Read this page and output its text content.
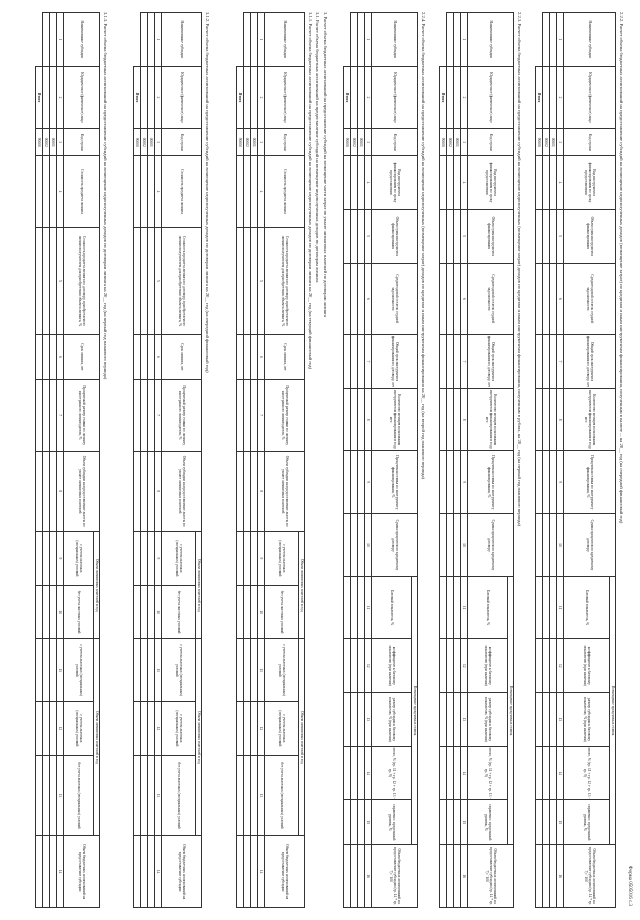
Форма 0505016 с.3
2.2.2. Расчет объема бюджетных ассигнований на предоставление субсидий на возмещение недополученных доходов (возмещение затрат) по кредитам и иным инструментам финансирования, полученным в валюте ... на 20__ год (на очередной финансовый год)
Наименование субсидии	Юридическое (физическое) лицо	Код строки	Вид инструмента финансирования по сроку предоставления	Объем сумм инструмента финансирования	Среднегодовой остаток ссудной задолженности	Общий срок инструмента финансирования по договору, лет	Количество месяцев пользования инструментом финансирования в году, мес	Процентная ставка по инструменту финансирования, %	Сумма процентов по кредитному договору	Возмещение процентных ставок					Объем бюджетных ассигнований на предоставление субсидии (гр. 14 * гр. 7) / 100
										Базовый показатель, %	коэффициент к базовому показателю (при наличии)	размер субсидии к базовому показателю, % (при наличии)	итого, % (гр. 11 + гр. 12 + гр. 13 - гр. 9)	справочно: предельный уровень, %	
1	2	3	4	5	6	7	8	9	10	11	12	13	14	15	16
		00001													
		00002													
	Итого	90000													
2.2.3. Расчет объема бюджетных ассигнований на предоставление субсидий на возмещение недополученных (возмещение затрат) доходов по кредитам и иным инструментам финансирования, полученным в рублях, на 20__ год (на первый год планового периода)
Наименование субсидии	Юридическое (физическое) лицо	Код строки	Вид инструмента финансирования по сроку предоставления	Объем сумм инструмента финансирования	Среднегодовой остаток ссудной задолженности	Общий срок инструмента финансирования по договору, лет	Количество месяцев пользования инструментом финансирования в году, мес	Процентная ставка по инструменту финансирования, %	Сумма процентов по кредитному договору	Возмещение процентных ставок					Объем бюджетных ассигнований на предоставление субсидии (гр. 14 * гр. 7) / 100
										Базовый показатель, %	коэффициент к базовому показателю (при наличии)	размер субсидии к базовому показателю, % (при наличии)	итого, % (гр. 11 + гр. 12 + гр. 13 - гр. 9)	справочно: предельный уровень, %	
1	2	3	4	5	6	7	8	9	10	11	12	13	14	15	16
		00001													
		00002													
	Итого	90000													
2.2.4. Расчет объема бюджетных ассигнований на предоставление субсидий на возмещение недополученных (возмещение затрат) доходов по кредитам и иным инструментам финансирования на 20__ год (на второй год планового периода)
Наименование субсидии	Юридическое (физическое) лицо	Код строки	Вид инструмента финансирования по сроку предоставления	Объем сумм инструмента финансирования	Среднегодовой остаток ссудной задолженности	Общий срок инструмента финансирования по договору, лет	Количество месяцев пользования инструментом финансирования в году, мес	Процентная ставка по инструменту финансирования, %	Сумма процентов по кредитному договору	Возмещение процентных ставок					Объем бюджетных ассигнований на предоставление субсидии (гр. 14 * гр. 7) / 100
										Базовый показатель, %	коэффициент к базовому показателю (при наличии)	размер субсидии к базовому показателю, % (при наличии)	итого, % (гр. 11 + гр. 12 + гр. 13 - гр. 9)	справочно: предельный уровень, %	
1	2	3	4	5	6	7	8	9	10	11	12	13	14	15	16
		00001													
		00002													
	Итого	90000													
3. Расчет объема бюджетных ассигнований на предоставление субсидий на возмещение части затрат по уплате лизинговых платежей по договорам лизинга
3.1. Расчет объема бюджетных ассигнований на предоставление субсидий на возмещение недополученных доходов по договорам лизинга
3.1.1. Расчет объема бюджетных ассигнований на предоставление субсидий на возмещение недополученных доходов по договорам лизинга на 20__ год (на текущий финансовый год)
Наименование субсидии	Юридическое (физическое) лицо	Код строки	Стоимость предмета лизинга	Стоимость предмета лизинга по договору, приобретаемого лизингополучателем для приобретения объекта лизинга, %	Срок лизинга, лет	Процентный размер ставки по лизингу иностранного лизингодателя, %	Объем субсидии на предоставление льготы по уплате лизинговых платежей	Объем лизинговых платежей в год		Объем лизинговых платежей в год			Объем бюджетных ассигнований на предоставление субсидии
								с учетом льготных (специальных) условий	без учета льготных условий	с учетом льготных (специальных) условий	с учетом льготных (специальных) условий	без учета льготных (специальных) условий	
1	2	3	4	5	6	7	8	9	10	11	12	13	14
		00001											
		00002											
	Итого	90000											
3.1.2. Расчет объема бюджетных ассигнований на предоставление субсидий на возмещение недополученных доходов по договорам лизинга на 20__ год (на очередной финансовый год)
Наименование субсидии	Юридическое (физическое) лицо	Код строки	Стоимость предмета лизинга	Стоимость предмета лизинга по договору, приобретаемого лизингополучателем для приобретения объекта лизинга, %	Срок лизинга, лет	Процентный размер ставки по лизингу иностранного лизингодателя, %	Объем субсидии на предоставление льготы по уплате лизинговых платежей	Объем лизинговых платежей в год		Объем лизинговых платежей в год			Объем бюджетных ассигнований на предоставление субсидии
								с учетом льготных (специальных) условий	без учета льготных условий	с учетом льготных (специальных) условий	с учетом льготных (специальных) условий	без учета льготных (специальных) условий	
1	2	3	4	5	6	7	8	9	10	11	12	13	14
		00001											
		00002											
	Итого	90000											
3.1.3. Расчет объема бюджетных ассигнований на предоставление субсидий на возмещение недополученных доходов по договорам лизинга на 20__ год (на первый год планового периода)
Наименование субсидии	Юридическое (физическое) лицо	Код строки	Стоимость предмета лизинга	Стоимость предмета лизинга по договору, приобретаемого лизингополучателем для приобретения объекта лизинга, %	Срок лизинга, лет	Процентный размер ставки по лизингу иностранного лизингодателя, %	Объем субсидии на предоставление льготы по уплате лизинговых платежей	Объем лизинговых платежей в год		Объем лизинговых платежей в год			Объем бюджетных ассигнований на предоставление субсидии
								с учетом льготных (специальных) условий	без учета льготных условий	с учетом льготных (специальных) условий	с учетом льготных (специальных) условий	без учета льготных (специальных) условий	
1	2	3	4	5	6	7	8	9	10	11	12	13	14
		00001											
		00002											
	Итого	90000											
